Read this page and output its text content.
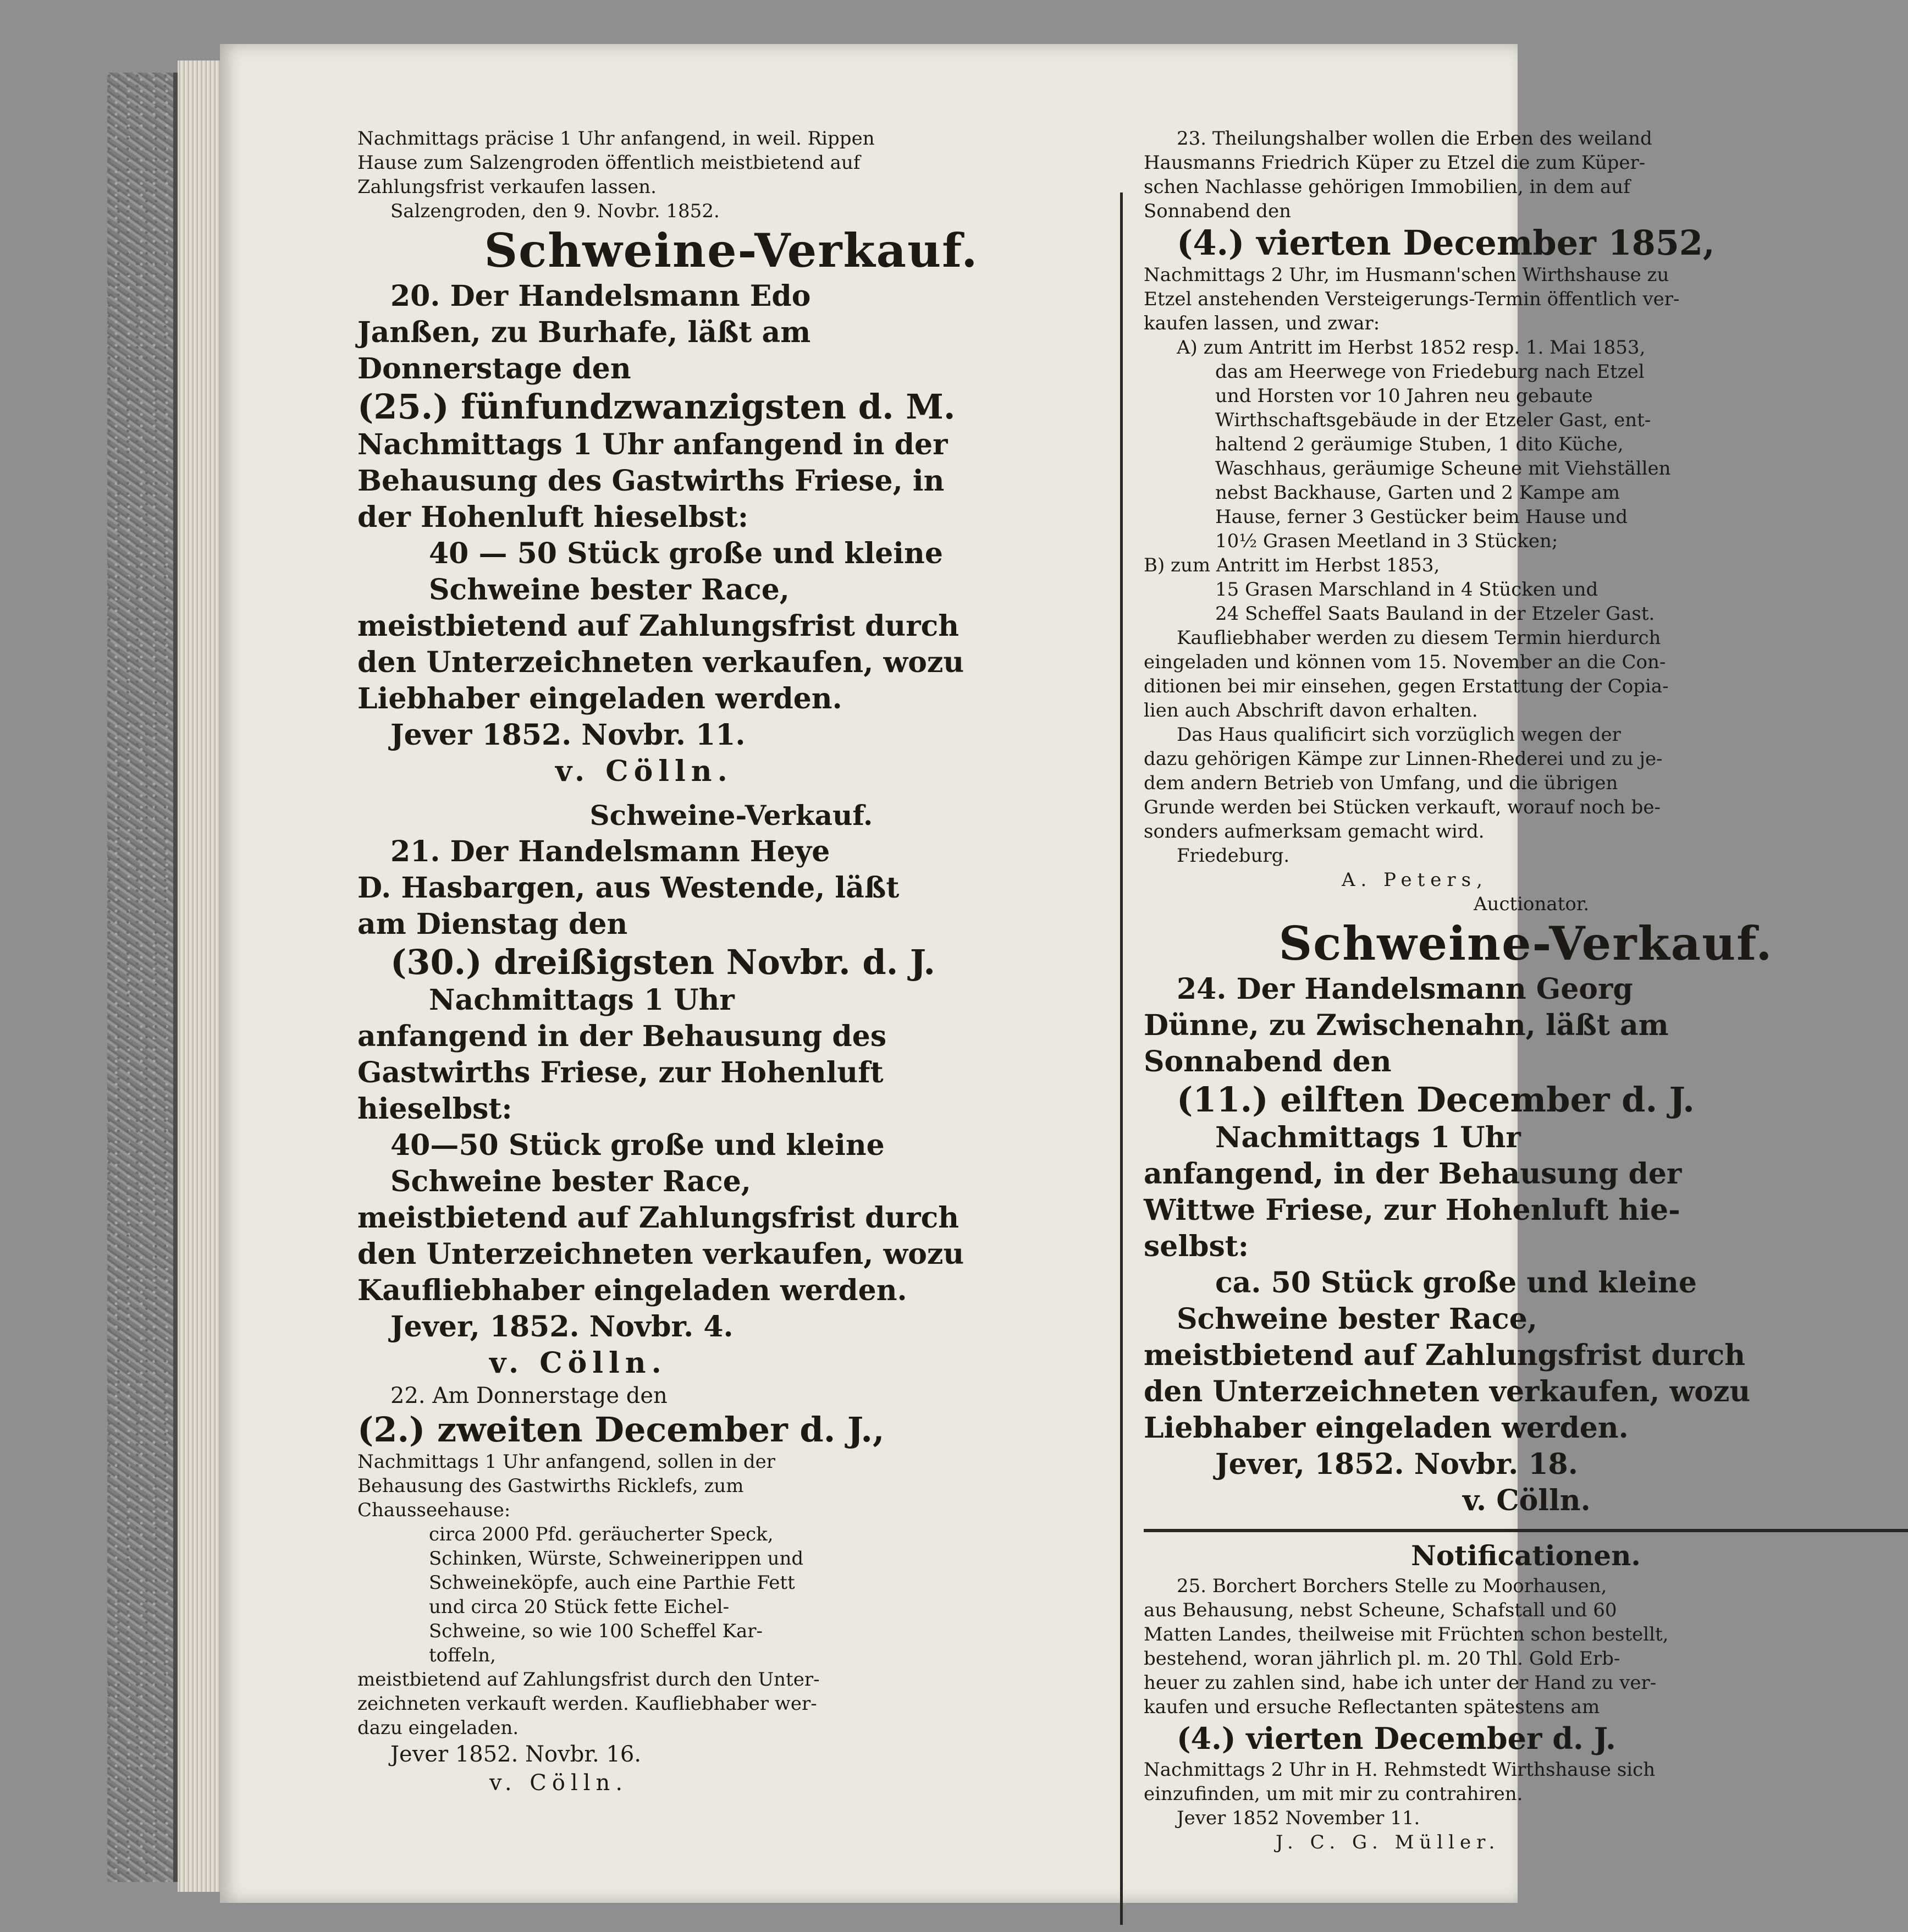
Nachmittags präcise 1 Uhr anfangend, in weil. Rippen

Hause zum Salzengroden öffentlich meistbietend auf

Zahlungsfrist verkaufen lassen.

Salzengroden, den 9. Novbr. 1852.

Schweine-Verkauf.

20. Der Handelsmann Edo

Janßen, zu Burhafe, läßt am

Donnerstage den

(25.) fünfundzwanzigsten d. M.

Nachmittags 1 Uhr anfangend in der

Behausung des Gastwirths Friese, in

der Hohenluft hieselbst:

40 — 50 Stück große und kleine

Schweine bester Race,

meistbietend auf Zahlungsfrist durch

den Unterzeichneten verkaufen, wozu

Liebhaber eingeladen werden.

Jever 1852. Novbr. 11.

v. Cölln.

Schweine-Verkauf.

21. Der Handelsmann Heye

D. Hasbargen, aus Westende, läßt

am Dienstag den

(30.) dreißigsten Novbr. d. J.

Nachmittags 1 Uhr

anfangend in der Behausung des

Gastwirths Friese, zur Hohenluft

hieselbst:

40—50 Stück große und kleine

Schweine bester Race,

meistbietend auf Zahlungsfrist durch

den Unterzeichneten verkaufen, wozu

Kaufliebhaber eingeladen werden.

Jever, 1852. Novbr. 4.

v. Cölln.

22. Am Donnerstage den

(2.) zweiten December d. J.,

Nachmittags 1 Uhr anfangend, sollen in der

Behausung des Gastwirths Ricklefs, zum

Chausseehause:

circa 2000 Pfd. geräucherter Speck,

Schinken, Würste, Schweinerippen und

Schweineköpfe, auch eine Parthie Fett

und circa 20 Stück fette Eichel-

Schweine, so wie 100 Scheffel Kar-

toffeln,

meistbietend auf Zahlungsfrist durch den Unter-

zeichneten verkauft werden. Kaufliebhaber wer-

dazu eingeladen.

Jever 1852. Novbr. 16.

v. Cölln.

23. Theilungshalber wollen die Erben des weiland

Hausmanns Friedrich Küper zu Etzel die zum Küper-

schen Nachlasse gehörigen Immobilien, in dem auf

Sonnabend den

(4.) vierten December 1852,

Nachmittags 2 Uhr, im Husmann'schen Wirthshause zu

Etzel anstehenden Versteigerungs-Termin öffentlich ver-

kaufen lassen, und zwar:

A) zum Antritt im Herbst 1852 resp. 1. Mai 1853,

das am Heerwege von Friedeburg nach Etzel

und Horsten vor 10 Jahren neu gebaute

Wirthschaftsgebäude in der Etzeler Gast, ent-

haltend 2 geräumige Stuben, 1 dito Küche,

Waschhaus, geräumige Scheune mit Viehställen

nebst Backhause, Garten und 2 Kampe am

Hause, ferner 3 Gestücker beim Hause und

10½ Grasen Meetland in 3 Stücken;

B) zum Antritt im Herbst 1853,

15 Grasen Marschland in 4 Stücken und

24 Scheffel Saats Bauland in der Etzeler Gast.

Kaufliebhaber werden zu diesem Termin hierdurch

eingeladen und können vom 15. November an die Con-

ditionen bei mir einsehen, gegen Erstattung der Copia-

lien auch Abschrift davon erhalten.

Das Haus qualificirt sich vorzüglich wegen der

dazu gehörigen Kämpe zur Linnen-Rhederei und zu je-

dem andern Betrieb von Umfang, und die übrigen

Grunde werden bei Stücken verkauft, worauf noch be-

sonders aufmerksam gemacht wird.

Friedeburg.

A. Peters,

Auctionator.

Schweine-Verkauf.

24. Der Handelsmann Georg

Dünne, zu Zwischenahn, läßt am

Sonnabend den

(11.) eilften December d. J.

Nachmittags 1 Uhr

anfangend, in der Behausung der

Wittwe Friese, zur Hohenluft hie-

selbst:

ca. 50 Stück große und kleine

Schweine bester Race,

meistbietend auf Zahlungsfrist durch

den Unterzeichneten verkaufen, wozu

Liebhaber eingeladen werden.

Jever, 1852. Novbr. 18.

v. Cölln.

Notificationen.

25. Borchert Borchers Stelle zu Moorhausen,

aus Behausung, nebst Scheune, Schafstall und 60

Matten Landes, theilweise mit Früchten schon bestellt,

bestehend, woran jährlich pl. m. 20 Thl. Gold Erb-

heuer zu zahlen sind, habe ich unter der Hand zu ver-

kaufen und ersuche Reflectanten spätestens am

(4.) vierten December d. J.

Nachmittags 2 Uhr in H. Rehmstedt Wirthshause sich

einzufinden, um mit mir zu contrahiren.

Jever 1852 November 11.

J. C. G. Müller.
